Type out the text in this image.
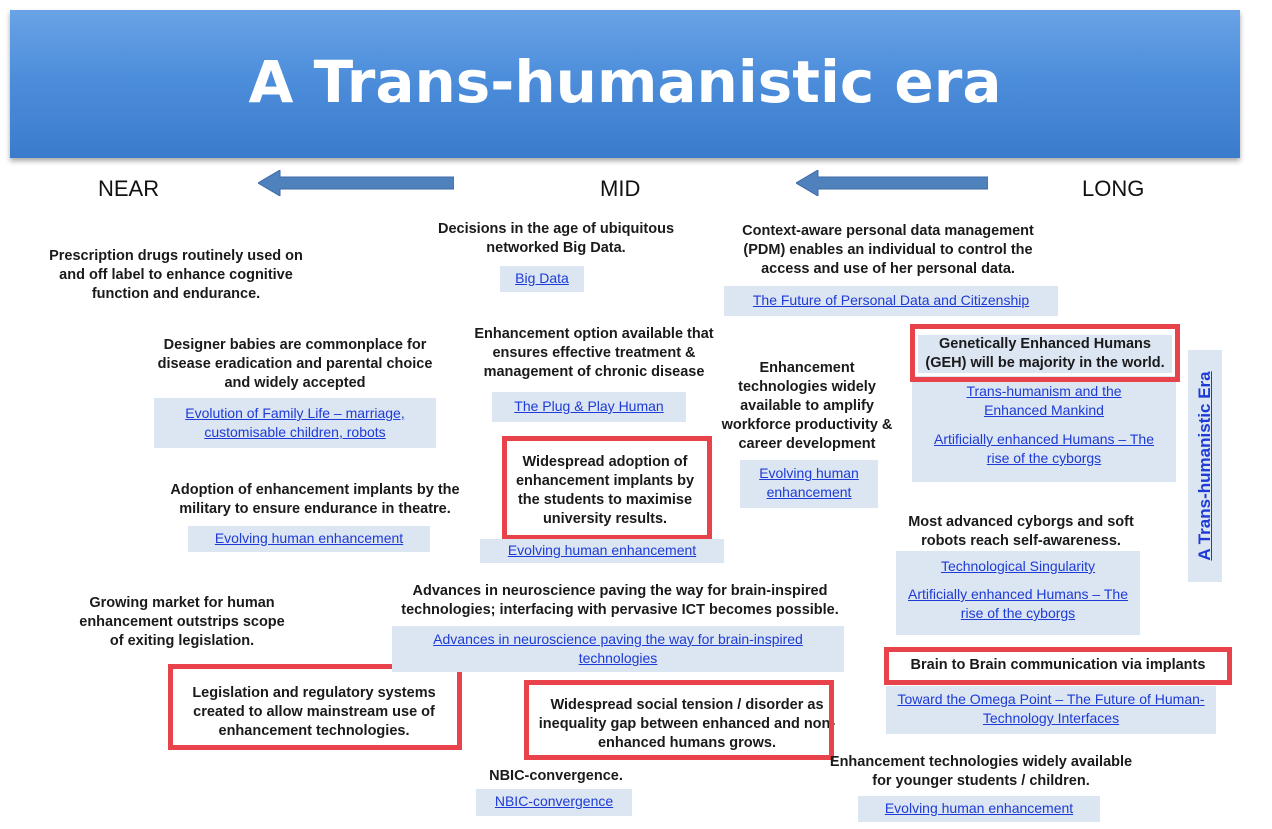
A Trans-humanistic era
NEAR	MID	LONG
Prescription drugs routinely used on and off label to enhance cognitive function and endurance.
Designer babies are commonplace for disease eradication and parental choice and widely accepted
Evolution of Family Life – marriage, customisable children, robots
Adoption of enhancement implants by the military to ensure endurance in theatre.
Evolving human enhancement
Growing market for human enhancement outstrips scope of exiting legislation.
Legislation and regulatory systems created to allow mainstream use of enhancement technologies.
Decisions in the age of ubiquitous networked Big Data.
Big Data
Enhancement option available that ensures effective treatment & management of chronic disease
The Plug & Play Human
Widespread adoption of enhancement implants by the students to maximise university results.
Evolving human enhancement
Advances in neuroscience paving the way for brain-inspired technologies; interfacing with pervasive ICT becomes possible.
Advances in neuroscience paving the way for brain-inspired technologies
Widespread social tension / disorder as inequality gap between enhanced and non-enhanced humans grows.
NBIC-convergence.
NBIC-convergence
Context-aware personal data management (PDM) enables an individual to control the access and use of her personal data.
The Future of Personal Data and Citizenship
Enhancement technologies widely available to amplify workforce productivity & career development
Evolving human enhancement
Trans-humanism and the Enhanced Mankind
Artificially enhanced Humans – The rise of the cyborgs
Genetically Enhanced Humans (GEH) will be majority in the world.
Most advanced cyborgs and soft robots reach self-awareness.
Technological Singularity
Artificially enhanced Humans – The rise of the cyborgs
Brain to Brain communication via implants
Toward the Omega Point – The Future of Human-Technology Interfaces
Enhancement technologies widely available for younger students / children.
Evolving human enhancement
A Trans-humanistic Era
